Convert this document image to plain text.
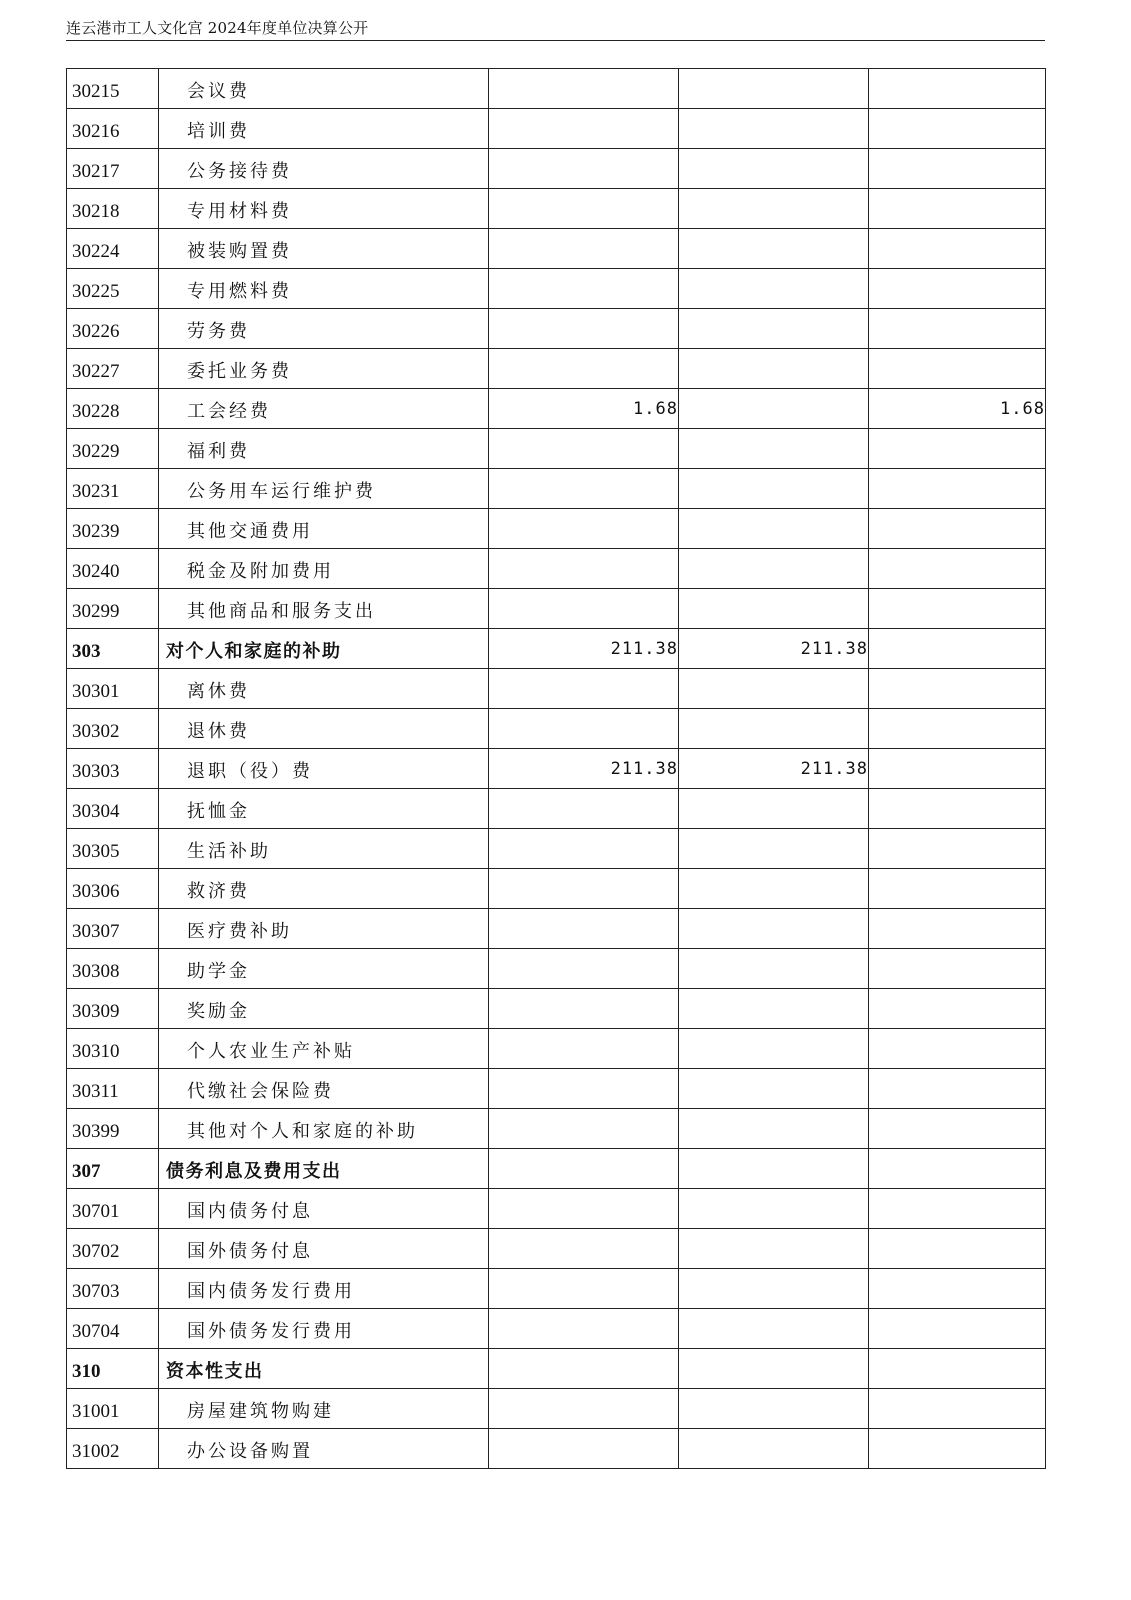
连云港市工人文化宫 2024年度单位决算公开
30215	会议费			
30216	培训费			
30217	公务接待费			
30218	专用材料费			
30224	被装购置费			
30225	专用燃料费			
30226	劳务费			
30227	委托业务费			
30228	工会经费	1.68		1.68
30229	福利费			
30231	公务用车运行维护费			
30239	其他交通费用			
30240	税金及附加费用			
30299	其他商品和服务支出			
303	对个人和家庭的补助	211.38	211.38	
30301	离休费			
30302	退休费			
30303	退职（役）费	211.38	211.38	
30304	抚恤金			
30305	生活补助			
30306	救济费			
30307	医疗费补助			
30308	助学金			
30309	奖励金			
30310	个人农业生产补贴			
30311	代缴社会保险费			
30399	其他对个人和家庭的补助			
307	债务利息及费用支出			
30701	国内债务付息			
30702	国外债务付息			
30703	国内债务发行费用			
30704	国外债务发行费用			
310	资本性支出			
31001	房屋建筑物购建			
31002	办公设备购置			
